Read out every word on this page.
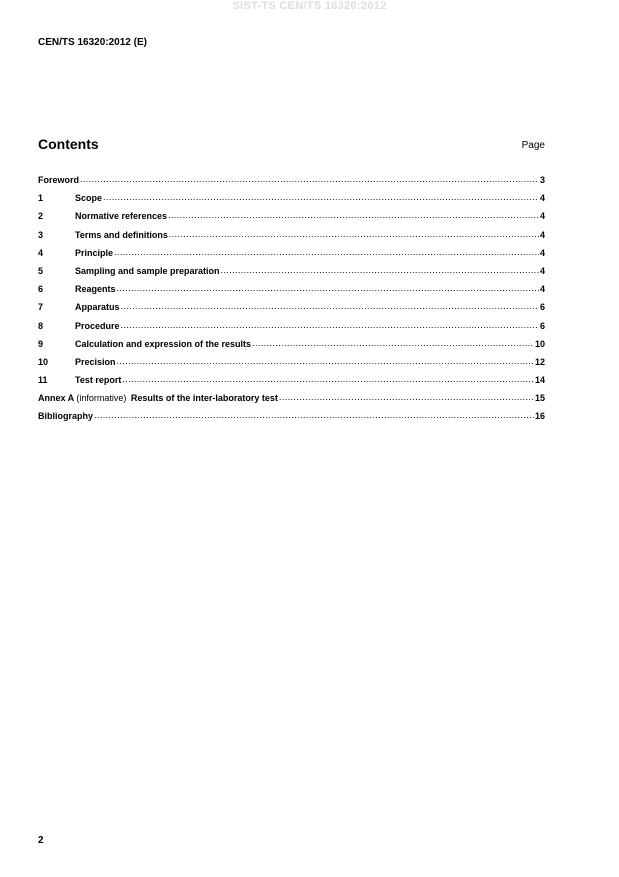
SIST-TS CEN/TS 16320:2012
CEN/TS 16320:2012 (E)
Contents	Page
Foreword .....	3
1	Scope .....	4
2	Normative references .....	4
3	Terms and definitions .....	4
4	Principle .....	4
5	Sampling and sample preparation .....	4
6	Reagents .....	4
7	Apparatus .....	6
8	Procedure .....	6
9	Calculation and expression of the results .....	10
10	Precision .....	12
11	Test report .....	14
Annex A (informative) Results of the inter-laboratory test .....	15
Bibliography .....	16
2
